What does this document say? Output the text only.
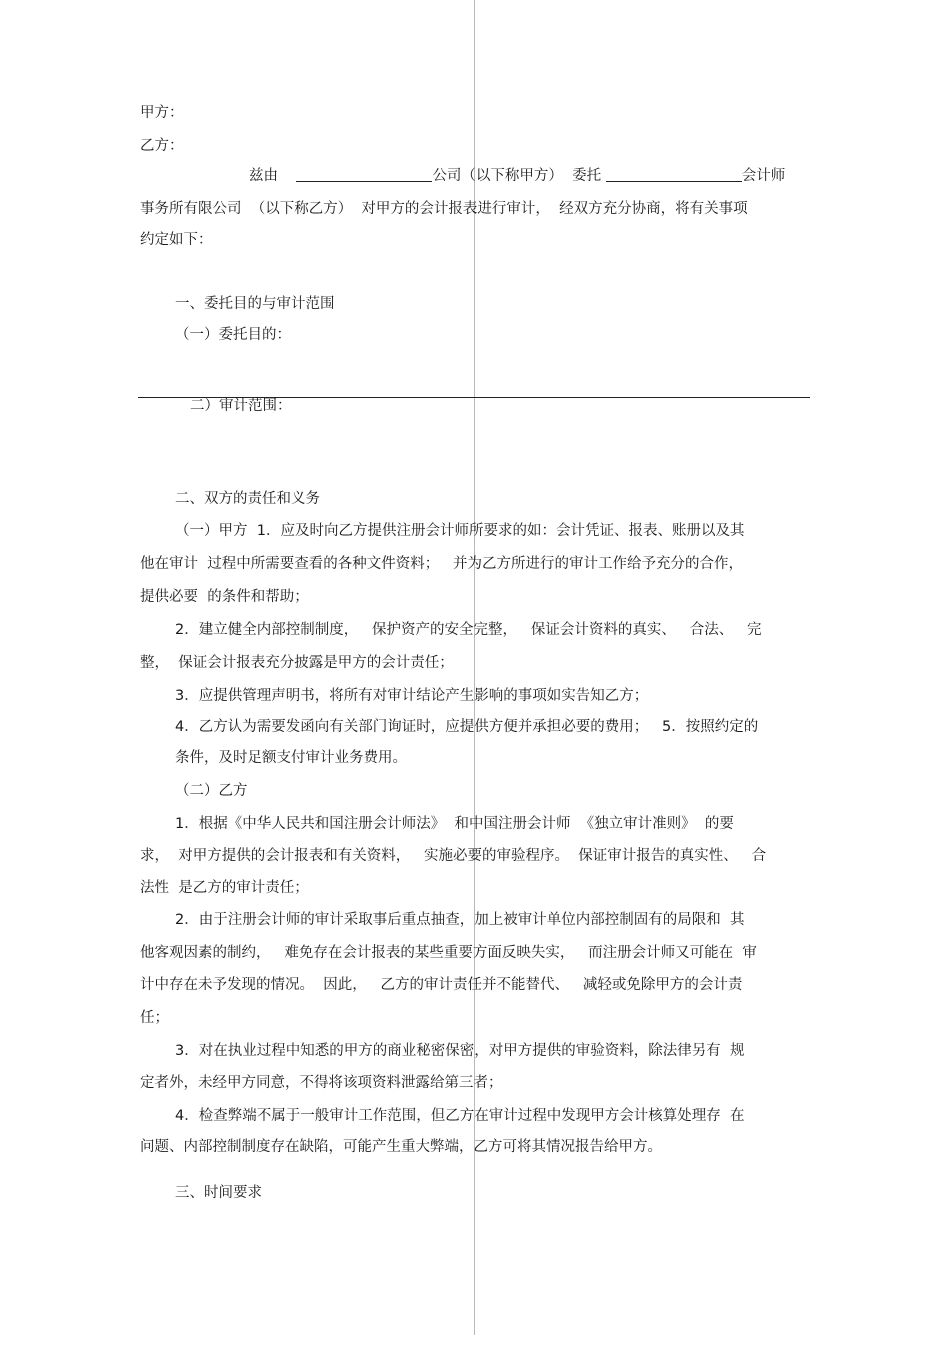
甲方：
乙方：
兹由	公司（以下称甲方）  委托	会计师
事务所有限公司  （以下称乙方）  对甲方的会计报表进行审计，  经双方充分协商，将有关事项
约定如下：
一、委托目的与审计范围
（一）委托目的：
二）审计范围：
二、双方的责任和义务
（一）甲方  1．应及时向乙方提供注册会计师所要求的如：会计凭证、报表、账册以及其
他在审计  过程中所需要查看的各种文件资料；   并为乙方所进行的审计工作给予充分的合作，
提供必要  的条件和帮助；
2．建立健全内部控制制度，   保护资产的安全完整，   保证会计资料的真实、   合法、   完
整，  保证会计报表充分披露是甲方的会计责任；
3．应提供管理声明书，将所有对审计结论产生影响的事项如实告知乙方；
4．乙方认为需要发函向有关部门询证时，应提供方便并承担必要的费用；   5．按照约定的
条件，及时足额支付审计业务费用。
（二）乙方
1．根据《中华人民共和国注册会计师法》  和中国注册会计师  《独立审计准则》  的要
求，  对甲方提供的会计报表和有关资料，   实施必要的审验程序。  保证审计报告的真实性、   合
法性  是乙方的审计责任；
2．由于注册会计师的审计采取事后重点抽查，加上被审计单位内部控制固有的局限和  其
他客观因素的制约，   难免存在会计报表的某些重要方面反映失实，   而注册会计师又可能在  审
计中存在未予发现的情况。  因此，   乙方的审计责任并不能替代、   减轻或免除甲方的会计责
任；
3．对在执业过程中知悉的甲方的商业秘密保密，对甲方提供的审验资料，除法律另有  规
定者外，未经甲方同意，不得将该项资料泄露给第三者；
4．检查弊端不属于一般审计工作范围，但乙方在审计过程中发现甲方会计核算处理存  在
问题、内部控制制度存在缺陷，可能产生重大弊端，乙方可将其情况报告给甲方。
三、时间要求
